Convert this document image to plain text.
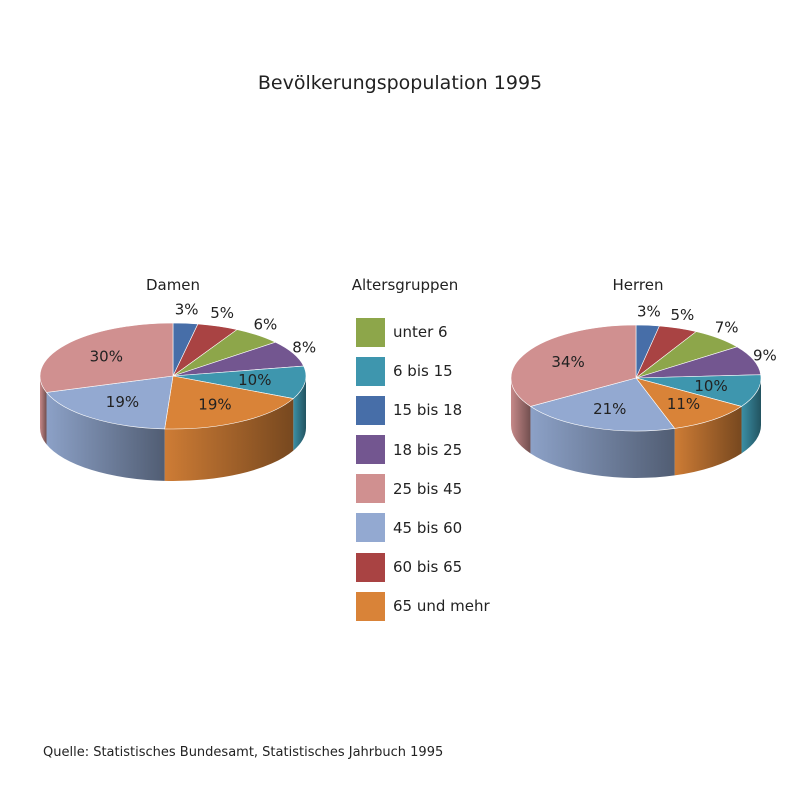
Bevölkerungspopulation 1995
Damen	Herren
3% 5%
6%
8%
10%
19%
19%
30%
3% 5%
7%
9%
10%
11%
21%
34%
Altersgruppen
unter 6
6 bis 15
15 bis 18
18 bis 25
25 bis 45
45 bis 60
60 bis 65
65 und mehr
Quelle: Statistisches Bundesamt, Statistisches Jahrbuch 1995
